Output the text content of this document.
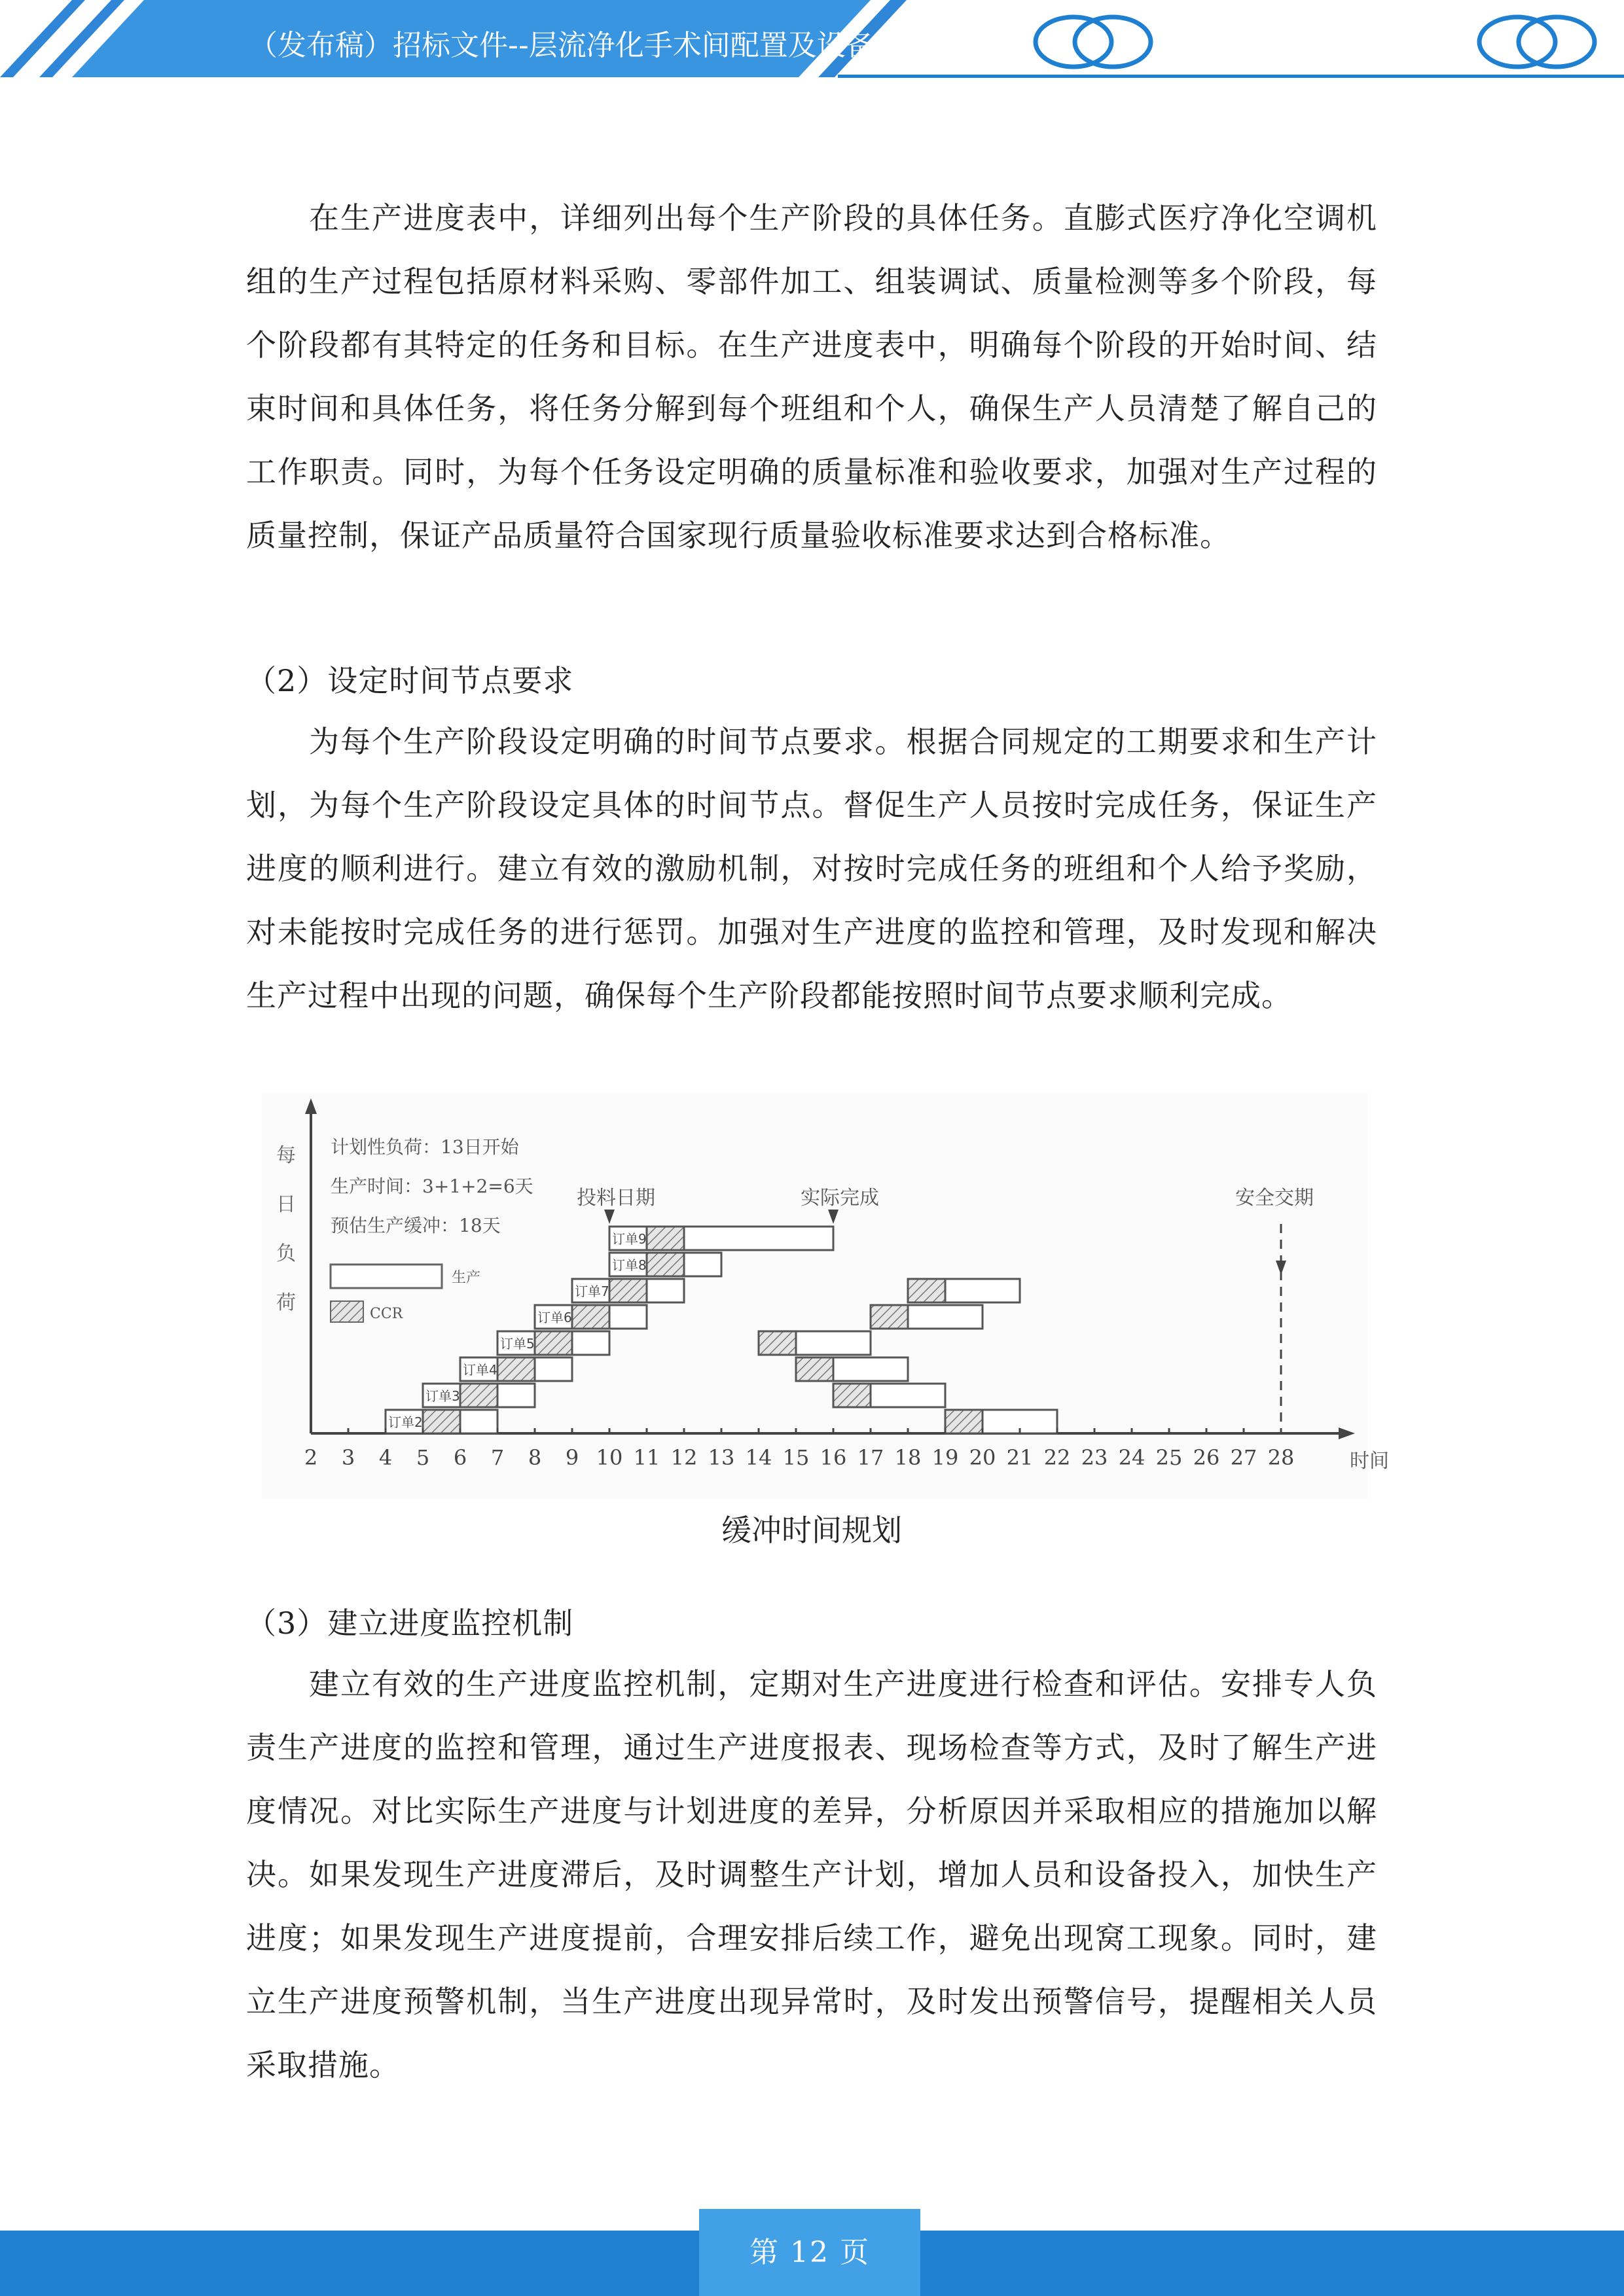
（发布稿）招标文件--层流净化手术间配置及设备采购项目

在生产进度表中，详细列出每个生产阶段的具体任务。直膨式医疗净化空调机组的生产过程包括原材料采购、零部件加工、组装调试、质量检测等多个阶段，每个阶段都有其特定的任务和目标。在生产进度表中，明确每个阶段的开始时间、结束时间和具体任务，将任务分解到每个班组和个人，确保生产人员清楚了解自己的工作职责。同时，为每个任务设定明确的质量标准和验收要求，加强对生产过程的质量控制，保证产品质量符合国家现行质量验收标准要求达到合格标准。

（2）设定时间节点要求

为每个生产阶段设定明确的时间节点要求。根据合同规定的工期要求和生产计划，为每个生产阶段设定具体的时间节点。督促生产人员按时完成任务，保证生产进度的顺利进行。建立有效的激励机制，对按时完成任务的班组和个人给予奖励，对未能按时完成任务的进行惩罚。加强对生产进度的监控和管理，及时发现和解决生产过程中出现的问题，确保每个生产阶段都能按照时间节点要求顺利完成。

每
日
负
荷
时间
计划性负荷：13日开始
生产时间：3+1+2=6天
预估生产缓冲：18天
生产
CCR
订单2
订单3
订单4
订单5
订单6
订单7
订单8
订单9
2 3 4 5 6 7 8 9 10 11 12 13 14 15 16 17 18 19 20 21 22 23 24 25 26 27 28
投料日期	实际完成	安全交期
缓冲时间规划

（3）建立进度监控机制

建立有效的生产进度监控机制，定期对生产进度进行检查和评估。安排专人负责生产进度的监控和管理，通过生产进度报表、现场检查等方式，及时了解生产进度情况。对比实际生产进度与计划进度的差异，分析原因并采取相应的措施加以解决。如果发现生产进度滞后，及时调整生产计划，增加人员和设备投入，加快生产进度；如果发现生产进度提前，合理安排后续工作，避免出现窝工现象。同时，建立生产进度预警机制，当生产进度出现异常时，及时发出预警信号，提醒相关人员采取措施。

第 12 页
